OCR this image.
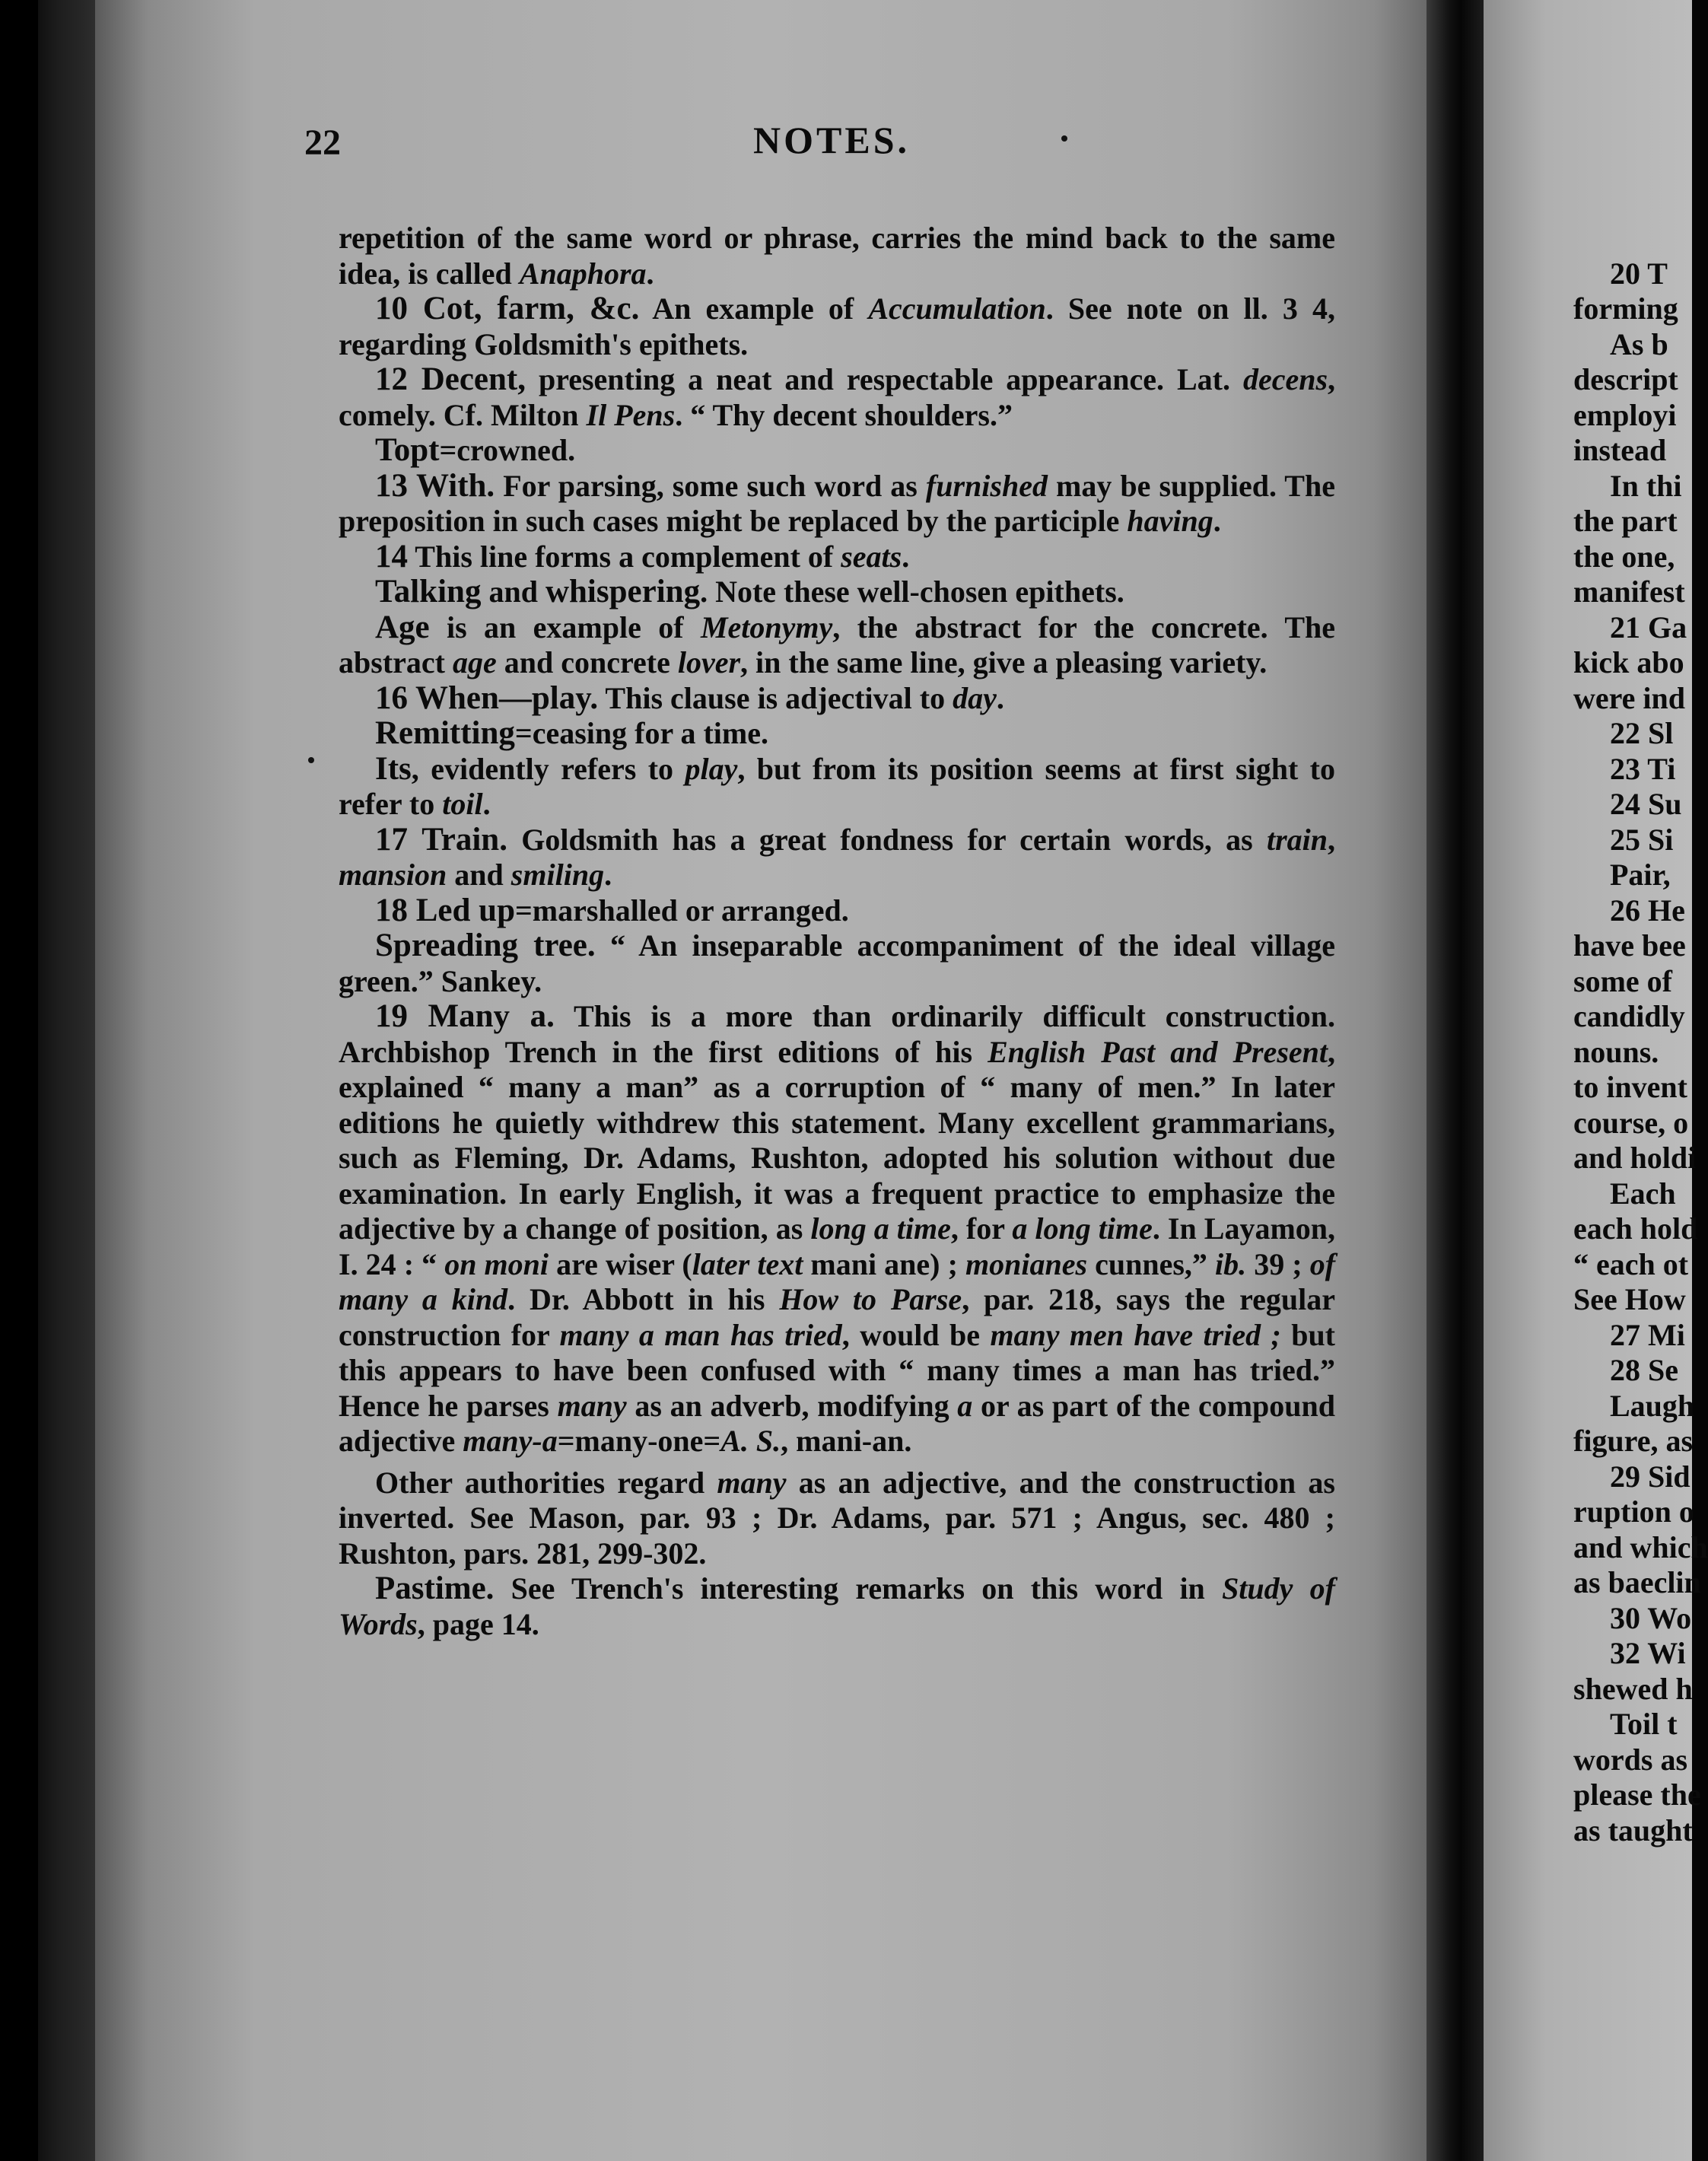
22	NOTES.

repetition of the same word or phrase, carries the mind back to the same idea, is called Anaphora.

10 Cot, farm, &c. An example of Accumulation. See note on ll. 3 4, regarding Goldsmith's epithets.

12 Decent, presenting a neat and respectable appearance. Lat. decens, comely. Cf. Milton Il Pens. “ Thy decent shoulders.”

Topt=crowned.

13 With. For parsing, some such word as furnished may be supplied. The preposition in such cases might be replaced by the participle having.

14 This line forms a complement of seats.

Talking and whispering. Note these well-chosen epithets.

Age is an example of Metonymy, the abstract for the concrete. The abstract age and concrete lover, in the same line, give a pleasing variety.

16 When—play. This clause is adjectival to day.

Remitting=ceasing for a time.

Its, evidently refers to play, but from its position seems at first sight to refer to toil.

17 Train. Goldsmith has a great fondness for certain words, as train, mansion and smiling.

18 Led up=marshalled or arranged.

Spreading tree. “ An inseparable accompaniment of the ideal village green.” Sankey.

19 Many a. This is a more than ordinarily difficult construction. Archbishop Trench in the first editions of his English Past and Present, explained “ many a man” as a corruption of “ many of men.” In later editions he quietly withdrew this statement. Many excellent grammarians, such as Fleming, Dr. Adams, Rushton, adopted his solution without due examination. In early English, it was a frequent practice to emphasize the adjective by a change of position, as long a time, for a long time. In Layamon, I. 24 : “ on moni are wiser (later text mani ane) ; monianes cunnes,” ib. 39 ; of many a kind. Dr. Abbott in his How to Parse, par. 218, says the regular construction for many a man has tried, would be many men have tried ; but this appears to have been confused with “ many times a man has tried.” Hence he parses many as an adverb, modifying a or as part of the compound adjective many-a=many-one=A. S., mani-an.

Other authorities regard many as an adjective, and the construction as inverted. See Mason, par. 93 ; Dr. Adams, par. 571 ; Angus, sec. 480 ; Rushton, pars. 281, 299-302.

Pastime. See Trench's interesting remarks on this word in Study of Words, page 14.

20 T
forming
As b
descript
employi
instead
In thi
the part
the one,
manifest
21 Ga
kick abo
were ind
22 Sl
23 Ti
24 Su
25 Si
Pair,
26 He
have bee
some of
candidly
nouns.
to invent
course, o
and holdi
Each
each hold
“ each ot
See How
27 Mi
28 Se
Laugh
figure, as
29 Sid
ruption o
and which
as baeclin
30 Wo
32 Wi
shewed h
Toil t
words as
please the
as taught
